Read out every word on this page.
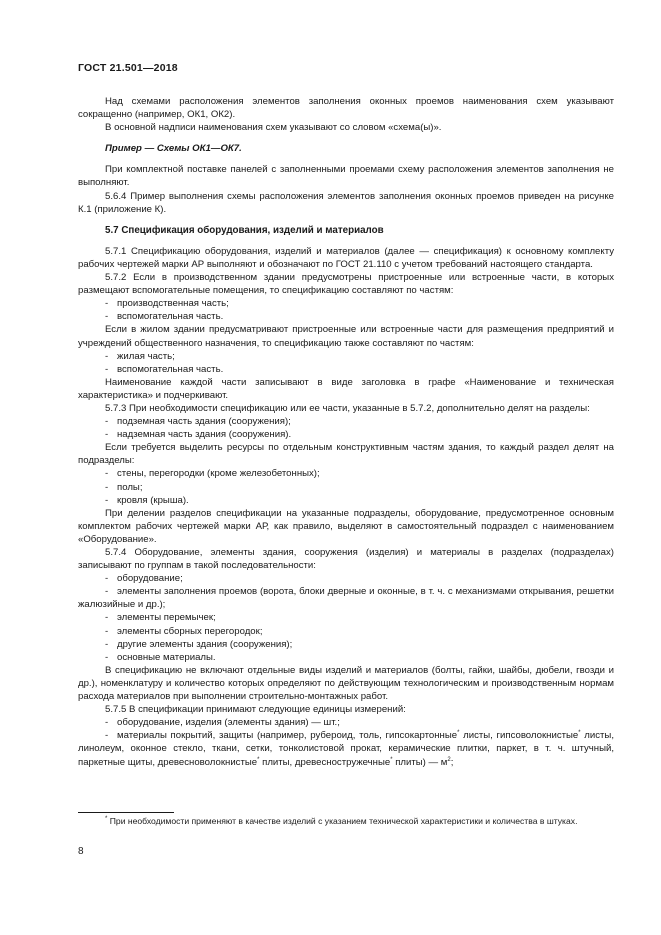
ГОСТ 21.501—2018

Над схемами расположения элементов заполнения оконных проемов наименования схем указывают сокращенно (например, ОК1, ОК2).

В основной надписи наименования схем указывают со словом «схема(ы)».

Пример — Схемы ОК1—ОК7.

При комплектной поставке панелей с заполненными проемами схему расположения элементов заполнения не выполняют.

5.6.4 Пример выполнения схемы расположения элементов заполнения оконных проемов приведен на рисунке К.1 (приложение К).

5.7 Спецификация оборудования, изделий и материалов

5.7.1 Спецификацию оборудования, изделий и материалов (далее — спецификация) к основному комплекту рабочих чертежей марки АР выполняют и обозначают по ГОСТ 21.110 с учетом требований настоящего стандарта.

5.7.2 Если в производственном здании предусмотрены пристроенные или встроенные части, в которых размещают вспомогательные помещения, то спецификацию составляют по частям:

- производственная часть;

- вспомогательная часть.

Если в жилом здании предусматривают пристроенные или встроенные части для размещения предприятий и учреждений общественного назначения, то спецификацию также составляют по частям:

- жилая часть;

- вспомогательная часть.

Наименование каждой части записывают в виде заголовка в графе «Наименование и техническая характеристика» и подчеркивают.

5.7.3 При необходимости спецификацию или ее части, указанные в 5.7.2, дополнительно делят на разделы:

- подземная часть здания (сооружения);

- надземная часть здания (сооружения).

Если требуется выделить ресурсы по отдельным конструктивным частям здания, то каждый раздел делят на подразделы:

- стены, перегородки (кроме железобетонных);

- полы;

- кровля (крыша).

При делении разделов спецификации на указанные подразделы, оборудование, предусмотренное основным комплектом рабочих чертежей марки АР, как правило, выделяют в самостоятельный подраздел с наименованием «Оборудование».

5.7.4 Оборудование, элементы здания, сооружения (изделия) и материалы в разделах (подразделах) записывают по группам в такой последовательности:

- оборудование;

- элементы заполнения проемов (ворота, блоки дверные и оконные, в т. ч. с механизмами открывания, решетки жалюзийные и др.);

- элементы перемычек;

- элементы сборных перегородок;

- другие элементы здания (сооружения);

- основные материалы.

В спецификацию не включают отдельные виды изделий и материалов (болты, гайки, шайбы, дюбели, гвозди и др.), номенклатуру и количество которых определяют по действующим технологическим и производственным нормам расхода материалов при выполнении строительно-монтажных работ.

5.7.5 В спецификации принимают следующие единицы измерений:

- оборудование, изделия (элементы здания) — шт.;

- материалы покрытий, защиты (например, рубероид, толь, гипсокартонные* листы, гипсоволокнистые* листы, линолеум, оконное стекло, ткани, сетки, тонколистовой прокат, керамические плитки, паркет, в т. ч. штучный, паркетные щиты, древесноволокнистые* плиты, древесностружечные* плиты) — $м^2$;

* При необходимости применяют в качестве изделий с указанием технической характеристики и количества в штуках.
8
